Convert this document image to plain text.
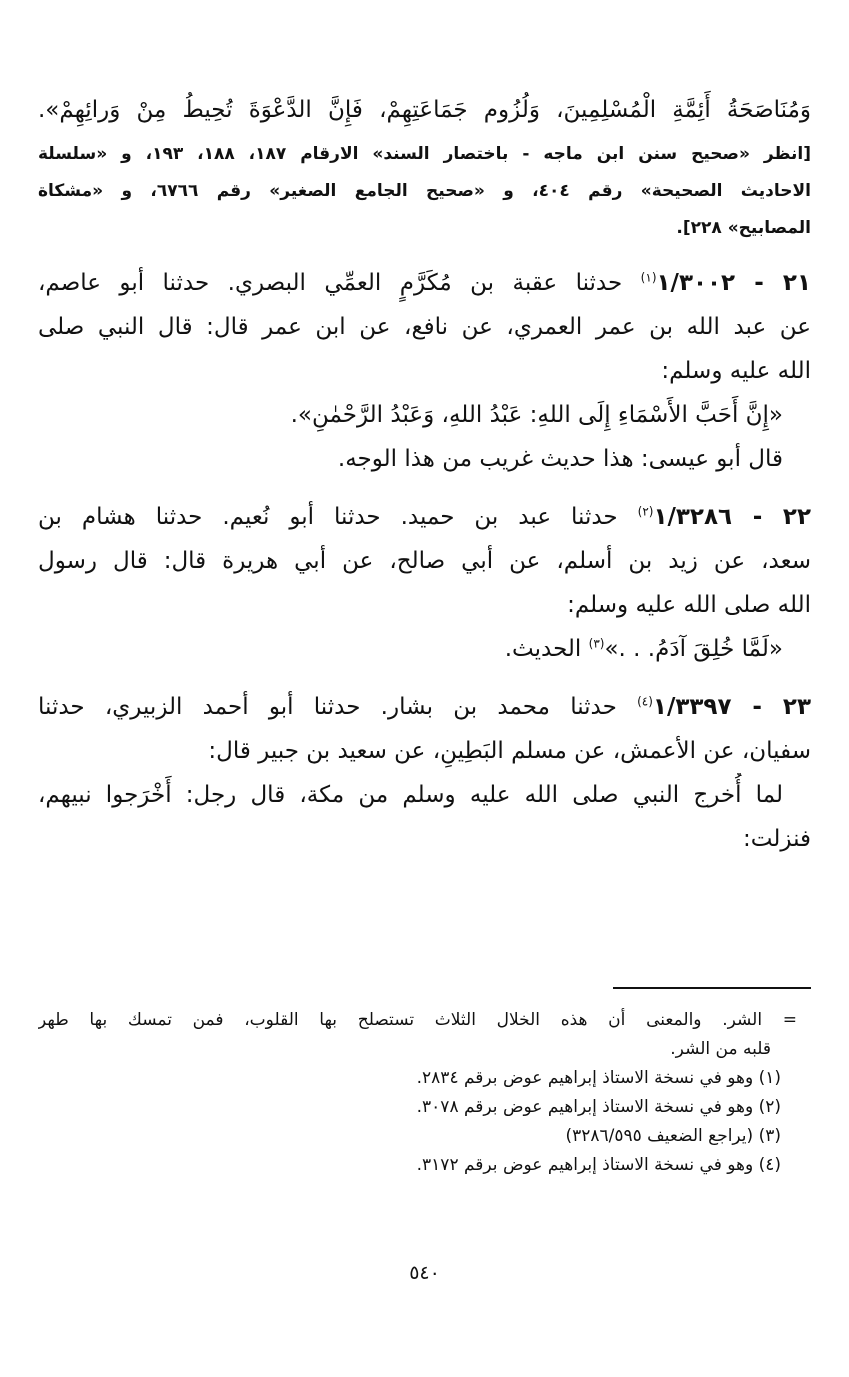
وَمُنَاصَحَةُ أَئِمَّةِ الْمُسْلِمِينَ، وَلُزُوم جَمَاعَتِهِمْ، فَإِنَّ الدَّعْوَةَ تُحِيطُ مِنْ وَرائِهِمْ».
[انظر «صحيح سنن ابن ماجه - باختصار السند» الارقام ١٨٧، ١٨٨، ١٩٣، و «سلسلة
الاحاديث الصحيحة» رقم ٤٠٤، و «صحيح الجامع الصغير» رقم ٦٧٦٦، و «مشكاة
المصابيح» ٢٢٨].
٢١ - ١/٣٠٠٢$^{(١)}$ حدثنا عقبة بن مُكَرَّمٍ العمِّي البصري. حدثنا أبو عاصم،
عن عبد الله بن عمر العمري، عن نافع، عن ابن عمر قال: قال النبي صلى
الله عليه وسلم:
«إِنَّ أَحَبَّ الأَسْمَاءِ إِلَى اللهِ: عَبْدُ اللهِ، وَعَبْدُ الرَّحْمٰنِ».
قال أبو عيسى: هذا حديث غريب من هذا الوجه.
٢٢ - ١/٣٢٨٦$^{(٢)}$ حدثنا عبد بن حميد. حدثنا أبو نُعيم. حدثنا هشام بن
سعد، عن زيد بن أسلم، عن أبي صالح، عن أبي هريرة قال: قال رسول
الله صلى الله عليه وسلم:
«لَمَّا خُلِقَ آدَمُ. . .»$^{(٣)}$ الحديث.
٢٣ - ١/٣٣٩٧$^{(٤)}$ حدثنا محمد بن بشار. حدثنا أبو أحمد الزبيري، حدثنا
سفيان، عن الأعمش، عن مسلم البَطِينِ، عن سعيد بن جبير قال:
لما أُخرج النبي صلى الله عليه وسلم من مكة، قال رجل: أَخْرَجوا نبيهم،
فنزلت:
= الشر. والمعنى أن هذه الخلال الثلاث تستصلح بها القلوب، فمن تمسك بها طهر
قلبه من الشر.
(١) وهو في نسخة الاستاذ إبراهيم عوض برقم ٢٨٣٤.
(٢) وهو في نسخة الاستاذ إبراهيم عوض برقم ٣٠٧٨.
(٣) (يراجع الضعيف ٣٢٨٦/٥٩٥)
(٤) وهو في نسخة الاستاذ إبراهيم عوض برقم ٣١٧٢.
٥٤٠
